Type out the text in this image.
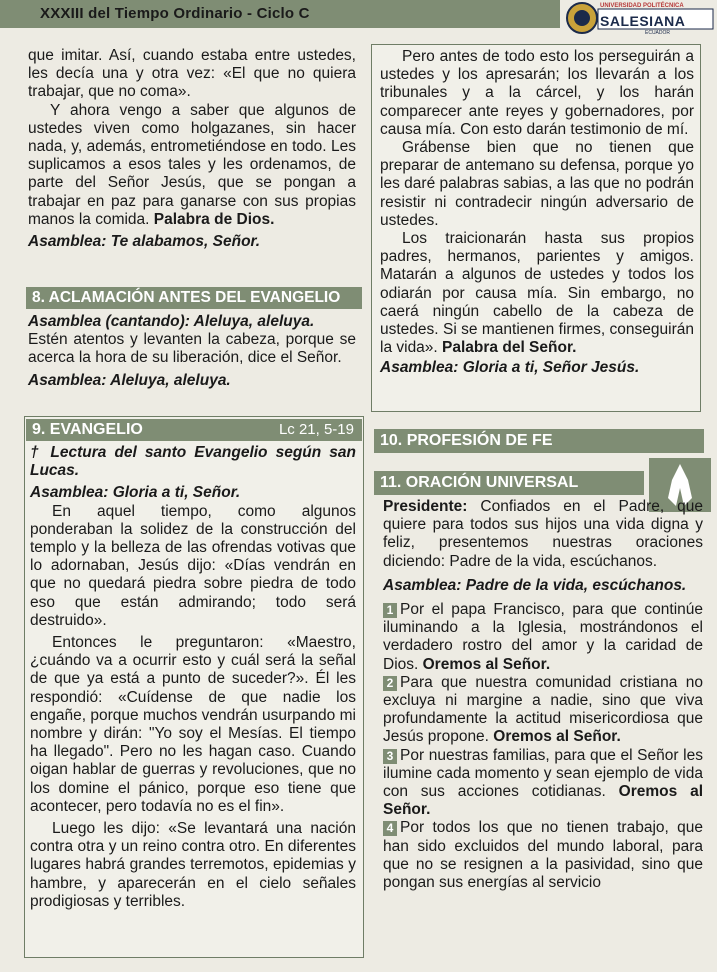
XXXIII del Tiempo Ordinario - Ciclo C	UNIVERSIDAD POLITÉCNICA
SALESIANA
ECUADOR

que imitar. Así, cuando estaba entre ustedes, les decía una y otra vez: «El que no quiera trabajar, que no coma».

Y ahora vengo a saber que algunos de ustedes viven como holgazanes, sin hacer nada, y, además, entrometiéndose en todo. Les suplicamos a esos tales y les ordenamos, de parte del Señor Jesús, que se pongan a trabajar en paz para ganarse con sus propias manos la comida. Palabra de Dios.

Asamblea: Te alabamos, Señor.

8. ACLAMACIÓN ANTES DEL EVANGELIO

Asamblea (cantando): Aleluya, aleluya.

Estén atentos y levanten la cabeza, porque se acerca la hora de su liberación, dice el Señor.

Asamblea: Aleluya, aleluya.

Pero antes de todo esto los perseguirán a ustedes y los apresarán; los llevarán a los tribunales y a la cárcel, y los harán comparecer ante reyes y gobernadores, por causa mía. Con esto darán testimonio de mí.

Grábense bien que no tienen que preparar de antemano su defensa, porque yo les daré palabras sabias, a las que no podrán resistir ni contradecir ningún adversario de ustedes.

Los traicionarán hasta sus propios padres, hermanos, parientes y amigos. Matarán a algunos de ustedes y todos los odiarán por causa mía. Sin embargo, no caerá ningún cabello de la cabeza de ustedes. Si se mantienen firmes, conseguirán la vida». Palabra del Señor.

Asamblea: Gloria a ti, Señor Jesús.

9. EVANGELIO	Lc 21, 5-19

† Lectura del santo Evangelio según san Lucas.

Asamblea: Gloria a ti, Señor.

En aquel tiempo, como algunos ponderaban la solidez de la construcción del templo y la belleza de las ofrendas votivas que lo adornaban, Jesús dijo: «Días vendrán en que no quedará piedra sobre piedra de todo eso que están admirando; todo será destruido».

Entonces le preguntaron: «Maestro, ¿cuándo va a ocurrir esto y cuál será la señal de que ya está a punto de suceder?». Él les respondió: «Cuídense de que nadie los engañe, porque muchos vendrán usurpando mi nombre y dirán: "Yo soy el Mesías. El tiempo ha llegado". Pero no les hagan caso. Cuando oigan hablar de guerras y revoluciones, que no los domine el pánico, porque eso tiene que acontecer, pero todavía no es el fin».

Luego les dijo: «Se levantará una nación contra otra y un reino contra otro. En diferentes lugares habrá grandes terremotos, epidemias y hambre, y aparecerán en el cielo señales prodigiosas y terribles.

10. PROFESIÓN DE FE
11. ORACIÓN UNIVERSAL

Presidente: Confiados en el Padre, que quiere para todos sus hijos una vida digna y feliz, presentemos nuestras oraciones diciendo: Padre de la vida, escúchanos.

Asamblea: Padre de la vida, escúchanos.

1 Por el papa Francisco, para que continúe iluminando a la Iglesia, mostrándonos el verdadero rostro del amor y la caridad de Dios. Oremos al Señor.

2 Para que nuestra comunidad cristiana no excluya ni margine a nadie, sino que viva profundamente la actitud misericordiosa que Jesús propone. Oremos al Señor.

3 Por nuestras familias, para que el Señor les ilumine cada momento y sean ejemplo de vida con sus acciones cotidianas. Oremos al Señor.

4 Por todos los que no tienen trabajo, que han sido excluidos del mundo laboral, para que no se resignen a la pasividad, sino que pongan sus energías al servicio
